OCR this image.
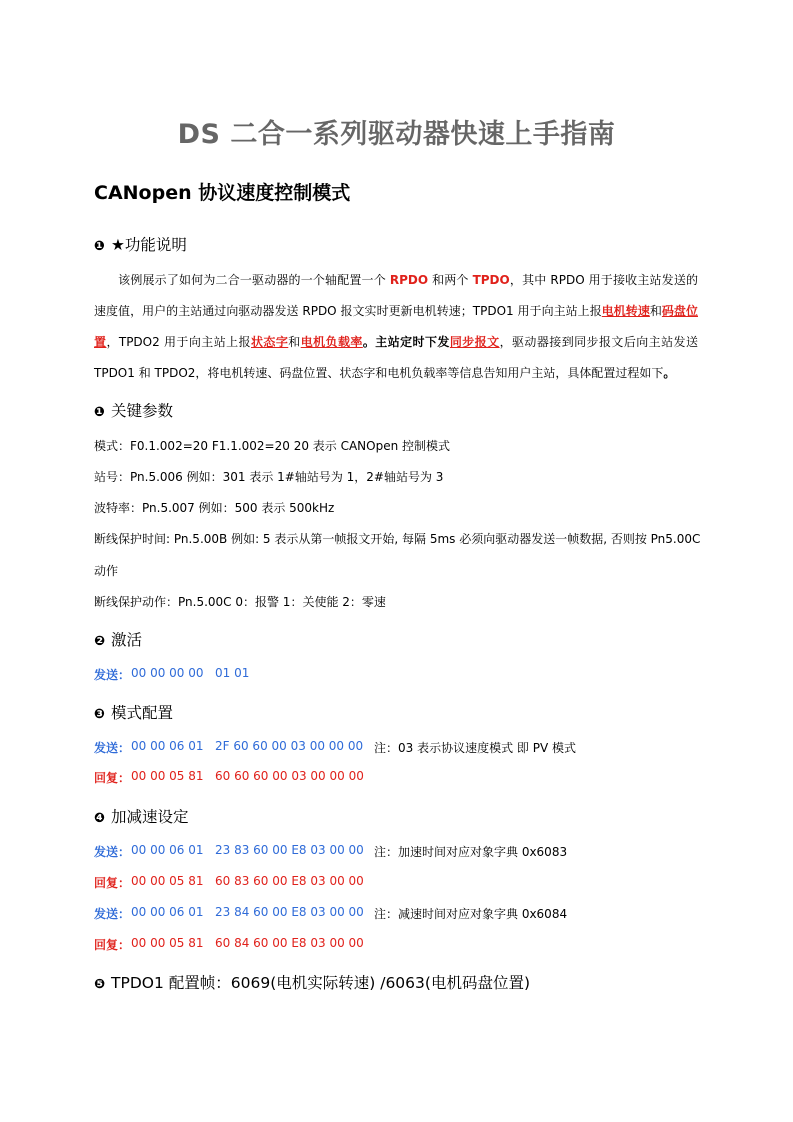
DS 二合一系列驱动器快速上手指南
CANopen 协议速度控制模式
❶ ★功能说明
该例展示了如何为二合一驱动器的一个轴配置一个 RPDO 和两个 TPDO，其中 RPDO 用于接收主站发送的速度值，用户的主站通过向驱动器发送 RPDO 报文实时更新电机转速；TPDO1 用于向主站上报电机转速和码盘位置，TPDO2 用于向主站上报状态字和电机负载率。主站定时下发同步报文，驱动器接到同步报文后向主站发送 TPDO1 和 TPDO2，将电机转速、码盘位置、状态字和电机负载率等信息告知用户主站，具体配置过程如下。
❶ 关键参数
模式：F0.1.002=20 F1.1.002=20 20 表示 CANOpen 控制模式
站号：Pn.5.006 例如：301 表示 1#轴站号为 1，2#轴站号为 3
波特率：Pn.5.007 例如：500 表示 500kHz
断线保护时间: Pn.5.00B 例如: 5 表示从第一帧报文开始, 每隔 5ms 必须向驱动器发送一帧数据, 否则按 Pn5.00C
动作
断线保护动作：Pn.5.00C 0：报警 1：关使能 2：零速
❷ 激活
发送： 00 00 00 00 01 01
❸ 模式配置
发送： 00 00 06 01 2F 60 60 00 03 00 00 00 注：03 表示协议速度模式 即 PV 模式
回复： 00 00 05 81 60 60 60 00 03 00 00 00
❹ 加减速设定
发送： 00 00 06 01 23 83 60 00 E8 03 00 00 注：加速时间对应对象字典 0x6083
回复： 00 00 05 81 60 83 60 00 E8 03 00 00
发送： 00 00 06 01 23 84 60 00 E8 03 00 00 注：减速时间对应对象字典 0x6084
回复： 00 00 05 81 60 84 60 00 E8 03 00 00
❺ TPDO1 配置帧：6069(电机实际转速) /6063(电机码盘位置)
